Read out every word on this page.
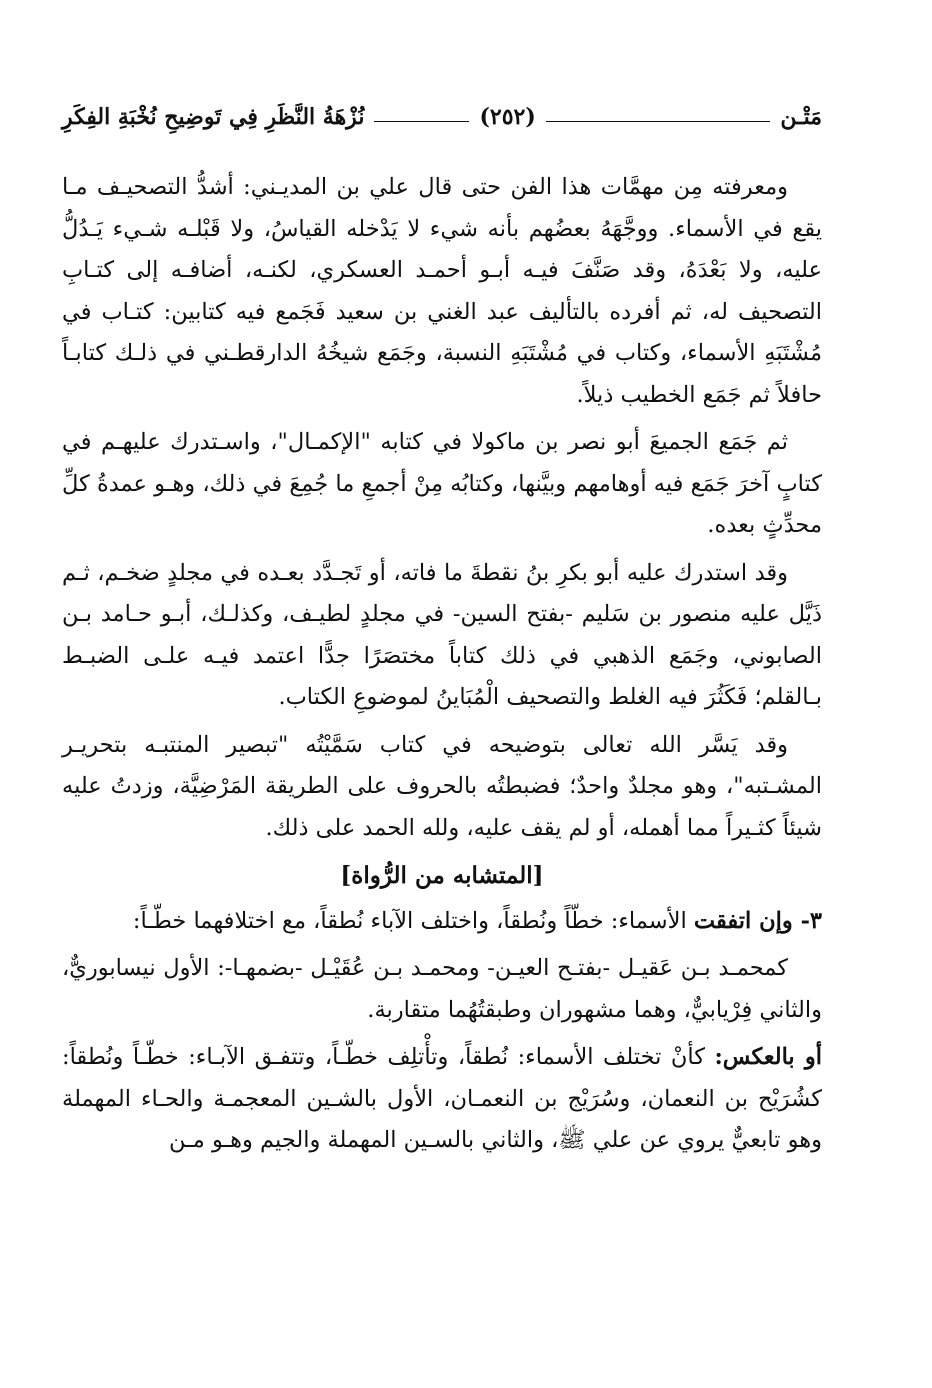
مَتْـن
(٢٥٢)
نُزْهَةُ النَّظَرِ فِي تَوضِيحِ نُخْبَةِ الفِكَرِ

ومعرفته مِن مهمَّات هذا الفن حتى قال علي بن المديـني: أشدُّ التصحيـف مـا يقع في الأسماء. ووجَّهَهُ بعضُهم بأنه شيء لا يَدْخله القياسُ، ولا قَبْلـه شـيء يَـدُلُّ عليه، ولا بَعْدَهُ، وقد صَنَّفَ فيـه أبـو أحمـد العسكري، لكنـه، أضافـه إلى كتـابِ التصحيف له، ثم أفرده بالتأليف عبد الغني بن سعيد فَجَمع فيه كتابين: كتـاب في مُشْتَبَهِ الأسماء، وكتاب في مُشْتَبَهِ النسبة، وجَمَع شيخُهُ الدارقطـني في ذلـك كتابـاً حافلاً ثم جَمَع الخطيب ذيلاً.

ثم جَمَع الجميعَ أبو نصر بن ماكولا في كتابه "الإكمـال"، واسـتدرك عليهـم في كتابٍ آخرَ جَمَع فيه أوهامهم وبيَّنها، وكتابُه مِنْ أجمعِ ما جُمِعَ في ذلك، وهـو عمدةُ كلِّ محدِّثٍ بعده.

وقد استدرك عليه أبو بكرِ بنُ نقطةَ ما فاته، أو تَجـدَّد بعـده في مجلدٍ ضخـم، ثـم ذَيَّل عليه منصور بن سَليم -بفتح السين- في مجلدٍ لطيـف، وكذلـك، أبـو حـامد بـن الصابوني، وجَمَع الذهبي في ذلك كتاباً مختصَرًا جدًّا اعتمد فيـه علـى الضبـط بـالقلم؛ فَكَثُرَ فيه الغلط والتصحيف الْمُبَاينُ لموضوعِ الكتاب.

وقد يَسَّر الله تعالى بتوضيحه في كتاب سَمَّيْتُه "تبصير المنتبـه بتحريـر المشـتبه"، وهو مجلدٌ واحدٌ؛ فضبطتُه بالحروف على الطريقة المَرْضِيَّة، وزدتُ عليه شيئاً كثـيراً مما أهمله، أو لم يقف عليه، ولله الحمد على ذلك.

[المتشابه من الرُّواة]

٣- وإن اتفقت الأسماء: خطّاً ونُطقاً، واختلف الآباء نُطقاً، مع اختلافهما خطّـاً:

كمحمـد بـن عَقيـل -بفتـح العيـن- ومحمـد بـن عُقَيْـل -بضمهـا-: الأول نيسابوريٌّ، والثاني فِرْيابيٌّ، وهما مشهوران وطبقتُهُما متقاربة.

أو بالعكس: كأنْ تختلف الأسماء: نُطقاً، وتأْتلِف خطّـاً، وتتفـق الآبـاء: خطّـاً ونُطقاً: كشُرَيْح بن النعمان، وسُرَيْج بن النعمـان، الأول بالشـين المعجمـة والحـاء المهملة وهو تابعيٌّ يروي عن علي ﷺ، والثاني بالسـين المهملة والجيم وهـو مـن
